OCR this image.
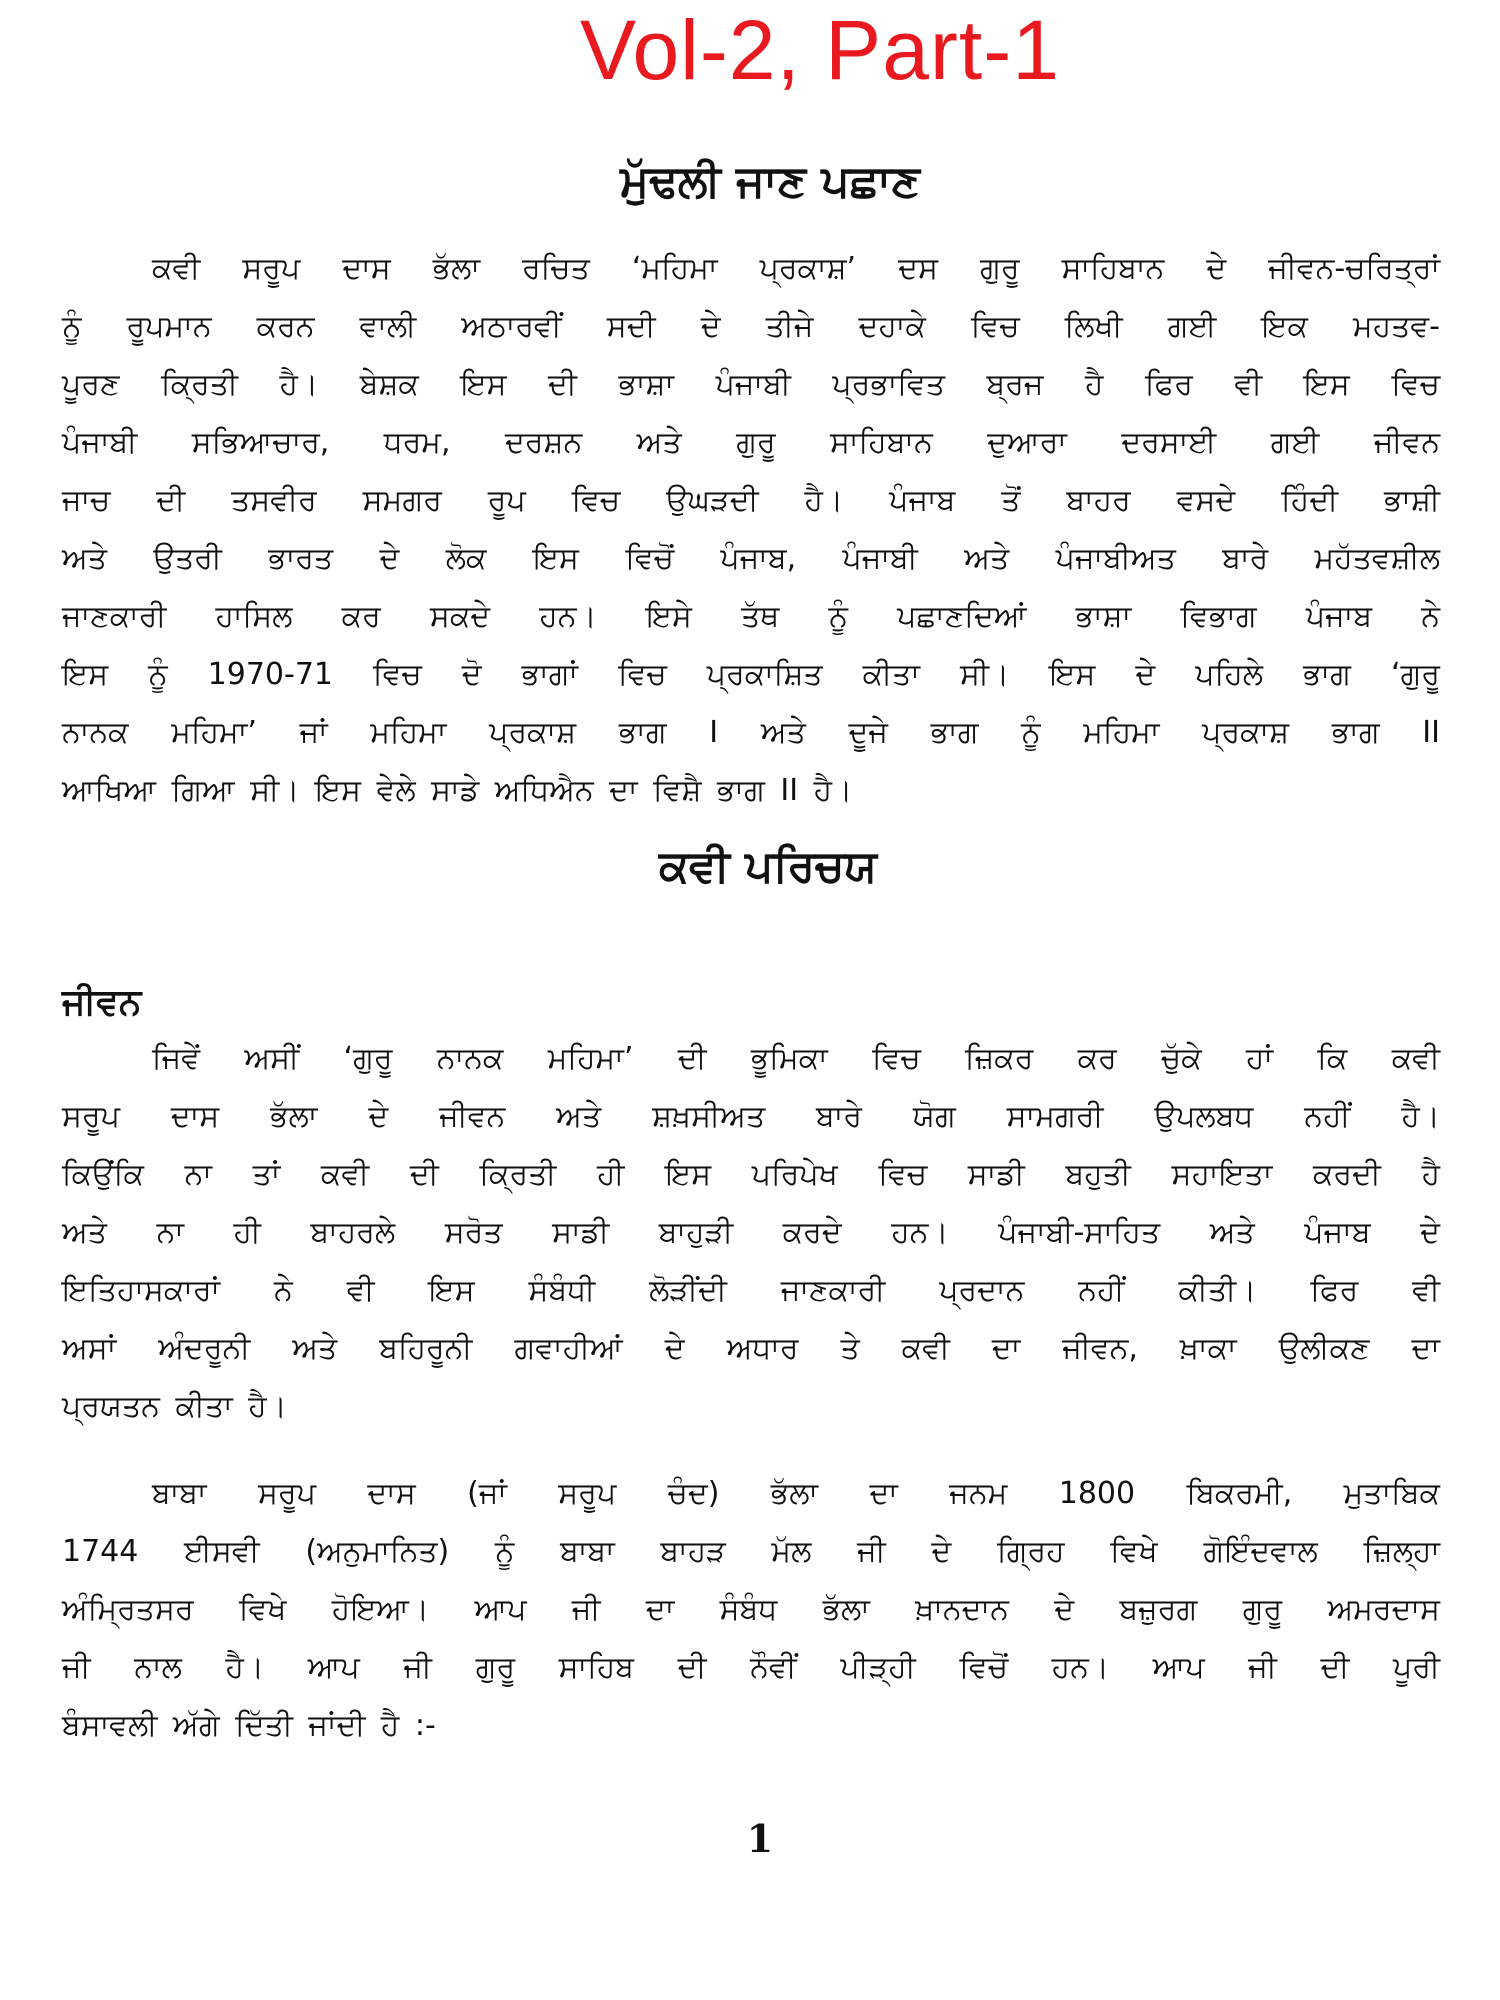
Vol-2, Part-1
ਮੁੱਢਲੀ ਜਾਣ ਪਛਾਣ

ਕਵੀ ਸਰੂਪ ਦਾਸ ਭੱਲਾ ਰਚਿਤ ‘ਮਹਿਮਾ ਪ੍ਰਕਾਸ਼’ ਦਸ ਗੁਰੂ ਸਾਹਿਬਾਨ ਦੇ ਜੀਵਨ-ਚਰਿਤ੍ਰਾਂ
ਨੂੰ ਰੂਪਮਾਨ ਕਰਨ ਵਾਲੀ ਅਠਾਰਵੀਂ ਸਦੀ ਦੇ ਤੀਜੇ ਦਹਾਕੇ ਵਿਚ ਲਿਖੀ ਗਈ ਇਕ ਮਹਤਵ-
ਪੂਰਣ ਕ੍ਰਿਤੀ ਹੈ। ਬੇਸ਼ਕ ਇਸ ਦੀ ਭਾਸ਼ਾ ਪੰਜਾਬੀ ਪ੍ਰਭਾਵਿਤ ਬ੍ਰਜ ਹੈ ਫਿਰ ਵੀ ਇਸ ਵਿਚ
ਪੰਜਾਬੀ ਸਭਿਆਚਾਰ, ਧਰਮ, ਦਰਸ਼ਨ ਅਤੇ ਗੁਰੂ ਸਾਹਿਬਾਨ ਦੁਆਰਾ ਦਰਸਾਈ ਗਈ ਜੀਵਨ
ਜਾਚ ਦੀ ਤਸਵੀਰ ਸਮਗਰ ਰੂਪ ਵਿਚ ਉਘੜਦੀ ਹੈ। ਪੰਜਾਬ ਤੋਂ ਬਾਹਰ ਵਸਦੇ ਹਿੰਦੀ ਭਾਸ਼ੀ
ਅਤੇ ਉਤਰੀ ਭਾਰਤ ਦੇ ਲੋਕ ਇਸ ਵਿਚੋਂ ਪੰਜਾਬ, ਪੰਜਾਬੀ ਅਤੇ ਪੰਜਾਬੀਅਤ ਬਾਰੇ ਮਹੱਤਵਸ਼ੀਲ
ਜਾਣਕਾਰੀ ਹਾਸਿਲ ਕਰ ਸਕਦੇ ਹਨ। ਇਸੇ ਤੱਥ ਨੂੰ ਪਛਾਣਦਿਆਂ ਭਾਸ਼ਾ ਵਿਭਾਗ ਪੰਜਾਬ ਨੇ
ਇਸ ਨੂੰ 1970-71 ਵਿਚ ਦੋ ਭਾਗਾਂ ਵਿਚ ਪ੍ਰਕਾਸ਼ਿਤ ਕੀਤਾ ਸੀ। ਇਸ ਦੇ ਪਹਿਲੇ ਭਾਗ ‘ਗੁਰੂ
ਨਾਨਕ ਮਹਿਮਾ’ ਜਾਂ ਮਹਿਮਾ ਪ੍ਰਕਾਸ਼ ਭਾਗ I ਅਤੇ ਦੂਜੇ ਭਾਗ ਨੂੰ ਮਹਿਮਾ ਪ੍ਰਕਾਸ਼ ਭਾਗ II
ਆਖਿਆ ਗਿਆ ਸੀ। ਇਸ ਵੇਲੇ ਸਾਡੇ ਅਧਿਐਨ ਦਾ ਵਿਸ਼ੈ ਭਾਗ II ਹੈ।

ਕਵੀ ਪਰਿਚਯ
ਜੀਵਨ

ਜਿਵੇਂ ਅਸੀਂ ‘ਗੁਰੂ ਨਾਨਕ ਮਹਿਮਾ’ ਦੀ ਭੂਮਿਕਾ ਵਿਚ ਜ਼ਿਕਰ ਕਰ ਚੁੱਕੇ ਹਾਂ ਕਿ ਕਵੀ
ਸਰੂਪ ਦਾਸ ਭੱਲਾ ਦੇ ਜੀਵਨ ਅਤੇ ਸ਼ਖ਼ਸੀਅਤ ਬਾਰੇ ਯੋਗ ਸਾਮਗਰੀ ਉਪਲਬਧ ਨਹੀਂ ਹੈ।
ਕਿਉਂਕਿ ਨਾ ਤਾਂ ਕਵੀ ਦੀ ਕ੍ਰਿਤੀ ਹੀ ਇਸ ਪਰਿਪੇਖ ਵਿਚ ਸਾਡੀ ਬਹੁਤੀ ਸਹਾਇਤਾ ਕਰਦੀ ਹੈ
ਅਤੇ ਨਾ ਹੀ ਬਾਹਰਲੇ ਸਰੋਤ ਸਾਡੀ ਬਾਹੁੜੀ ਕਰਦੇ ਹਨ। ਪੰਜਾਬੀ-ਸਾਹਿਤ ਅਤੇ ਪੰਜਾਬ ਦੇ
ਇਤਿਹਾਸਕਾਰਾਂ ਨੇ ਵੀ ਇਸ ਸੰਬੰਧੀ ਲੋੜੀਂਦੀ ਜਾਣਕਾਰੀ ਪ੍ਰਦਾਨ ਨਹੀਂ ਕੀਤੀ। ਫਿਰ ਵੀ
ਅਸਾਂ ਅੰਦਰੂਨੀ ਅਤੇ ਬਹਿਰੂਨੀ ਗਵਾਹੀਆਂ ਦੇ ਅਧਾਰ ਤੇ ਕਵੀ ਦਾ ਜੀਵਨ, ਖ਼ਾਕਾ ਉਲੀਕਣ ਦਾ
ਪ੍ਰਯਤਨ ਕੀਤਾ ਹੈ।

ਬਾਬਾ ਸਰੂਪ ਦਾਸ (ਜਾਂ ਸਰੂਪ ਚੰਦ) ਭੱਲਾ ਦਾ ਜਨਮ 1800 ਬਿਕਰਮੀ, ਮੁਤਾਬਿਕ
1744 ਈਸਵੀ (ਅਨੁਮਾਨਿਤ) ਨੂੰ ਬਾਬਾ ਬਾਹੜ ਮੱਲ ਜੀ ਦੇ ਗ੍ਰਿਹ ਵਿਖੇ ਗੋਇੰਦਵਾਲ ਜ਼ਿਲ੍ਹਾ
ਅੰਮ੍ਰਿਤਸਰ ਵਿਖੇ ਹੋਇਆ। ਆਪ ਜੀ ਦਾ ਸੰਬੰਧ ਭੱਲਾ ਖ਼ਾਨਦਾਨ ਦੇ ਬਜ਼ੁਰਗ ਗੁਰੂ ਅਮਰਦਾਸ
ਜੀ ਨਾਲ ਹੈ। ਆਪ ਜੀ ਗੁਰੂ ਸਾਹਿਬ ਦੀ ਨੌਵੀਂ ਪੀੜ੍ਹੀ ਵਿਚੋਂ ਹਨ। ਆਪ ਜੀ ਦੀ ਪੂਰੀ
ਬੰਸਾਵਲੀ ਅੱਗੇ ਦਿੱਤੀ ਜਾਂਦੀ ਹੈ :-

1
